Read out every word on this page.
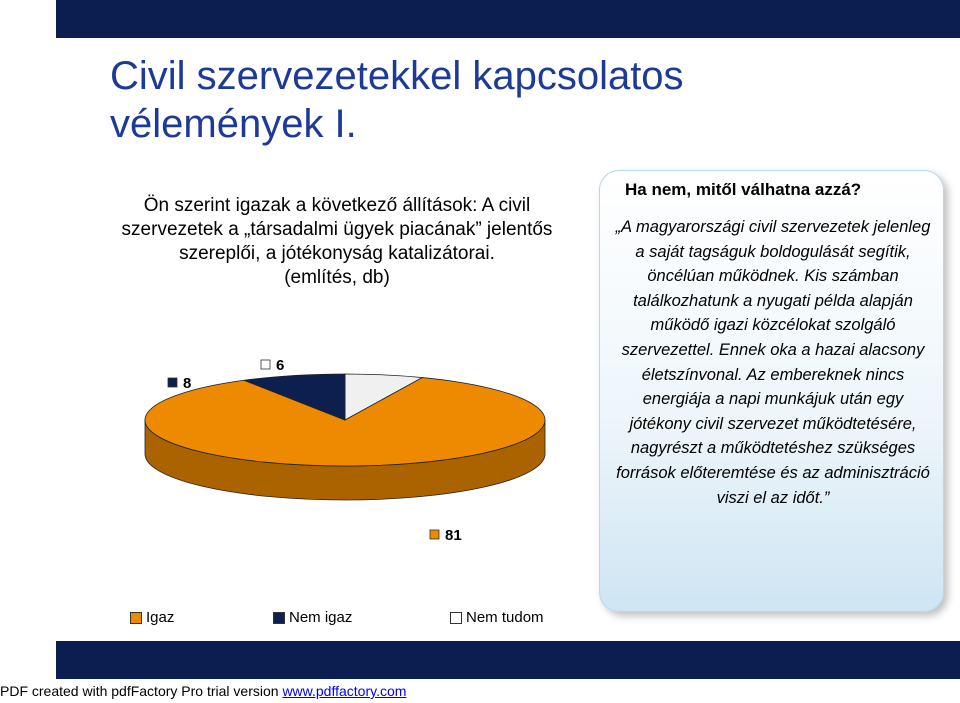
Civil szervezetekkel kapcsolatos vélemények I.
Ön szerint igazak a következő állítások: A civil szervezetek a „társadalmi ügyek piacának” jelentős szereplői, a jótékonyság katalizátorai.
(említés, db)
6
81
8
Igaz	Nem igaz	Nem tudom
Ha nem, mitől válhatna azzá?
„A magyarországi civil szervezetek jelenleg a saját tagságuk boldogulását segítik, öncélúan működnek. Kis számban találkozhatunk a nyugati példa alapján működő igazi közcélokat szolgáló szervezettel. Ennek oka a hazai alacsony életszínvonal. Az embereknek nincs energiája a napi munkájuk után egy jótékony civil szervezet működtetésére, nagyrészt a működtetéshez szükséges források előteremtése és az adminisztráció viszi el az időt.”
PDF created with pdfFactory Pro trial version www.pdffactory.com
